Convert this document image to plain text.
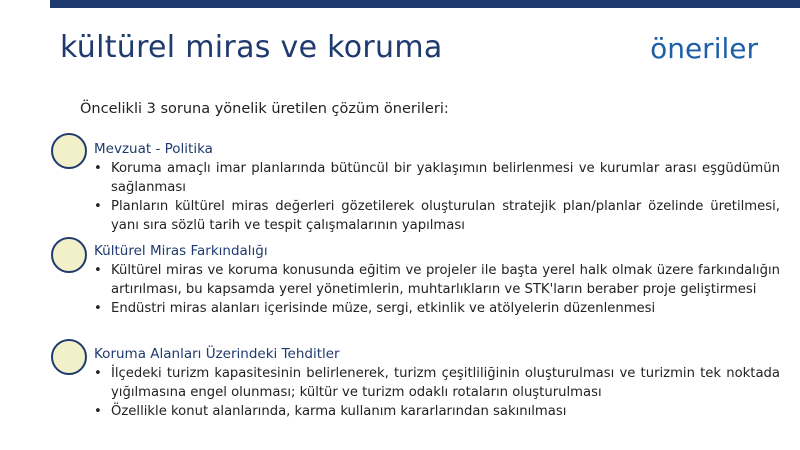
kültürel miras ve koruma	öneriler
Öncelikli 3 soruna yönelik üretilen çözüm önerileri:
Mevzuat - Politika
• Koruma amaçlı imar planlarında bütüncül bir yaklaşımın belirlenmesi ve kurumlar arası eşgüdümün sağlanması
• Planların kültürel miras değerleri gözetilerek oluşturulan stratejik plan/planlar özelinde üretilmesi, yanı sıra sözlü tarih ve tespit çalışmalarının yapılması
Kültürel Miras Farkındalığı
• Kültürel miras ve koruma konusunda eğitim ve projeler ile başta yerel halk olmak üzere farkındalığın artırılması, bu kapsamda yerel yönetimlerin, muhtarlıkların ve STK'ların beraber proje geliştirmesi
• Endüstri miras alanları içerisinde müze, sergi, etkinlik ve atölyelerin düzenlenmesi
Koruma Alanları Üzerindeki Tehditler
• İlçedeki turizm kapasitesinin belirlenerek, turizm çeşitliliğinin oluşturulması ve turizmin tek noktada yığılmasına engel olunması; kültür ve turizm odaklı rotaların oluşturulması
• Özellikle konut alanlarında, karma kullanım kararlarından sakınılması
